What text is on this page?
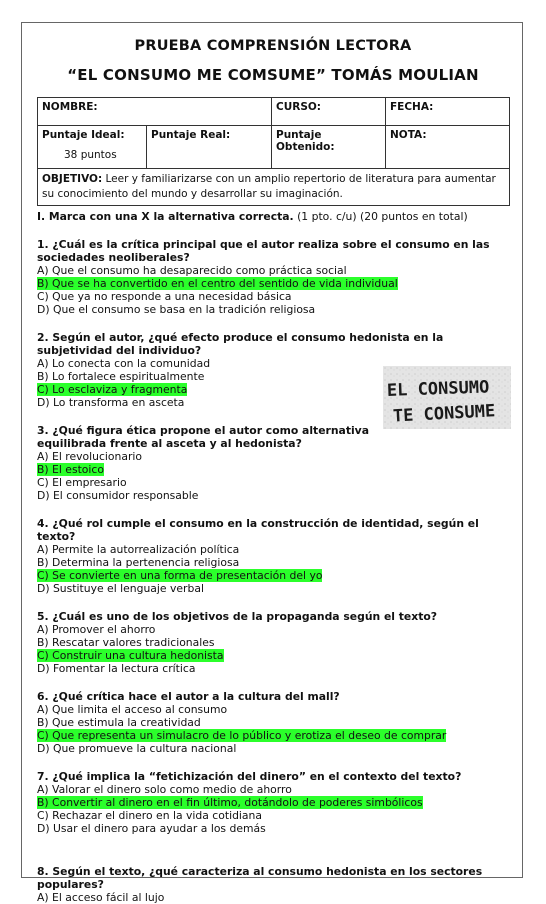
PRUEBA COMPRENSIÓN LECTORA
“EL CONSUMO ME COMSUME” TOMÁS MOULIAN
NOMBRE:		CURSO:	FECHA:
Puntaje Ideal:
38 puntos	Puntaje Real:	Puntaje Obtenido:	NOTA:
OBJETIVO: Leer y familiarizarse con un amplio repertorio de literatura para aumentar su conocimiento del mundo y desarrollar su imaginación.			
I. Marca con una X la alternativa correcta. (1 pto. c/u) (20 puntos en total)
1. ¿Cuál es la crítica principal que el autor realiza sobre el consumo en las sociedades neoliberales?
A) Que el consumo ha desaparecido como práctica social
B) Que se ha convertido en el centro del sentido de vida individual
C) Que ya no responde a una necesidad básica
D) Que el consumo se basa en la tradición religiosa
2. Según el autor, ¿qué efecto produce el consumo hedonista en la subjetividad del individuo?
A) Lo conecta con la comunidad
B) Lo fortalece espiritualmente
C) Lo esclaviza y fragmenta
D) Lo transforma en asceta
3. ¿Qué figura ética propone el autor como alternativa
equilibrada frente al asceta y al hedonista?
A) El revolucionario
B) El estoico
C) El empresario
D) El consumidor responsable
4. ¿Qué rol cumple el consumo en la construcción de identidad, según el texto?
A) Permite la autorrealización política
B) Determina la pertenencia religiosa
C) Se convierte en una forma de presentación del yo
D) Sustituye el lenguaje verbal
5. ¿Cuál es uno de los objetivos de la propaganda según el texto?
A) Promover el ahorro
B) Rescatar valores tradicionales
C) Construir una cultura hedonista
D) Fomentar la lectura crítica
6. ¿Qué crítica hace el autor a la cultura del mall?
A) Que limita el acceso al consumo
B) Que estimula la creatividad
C) Que representa un simulacro de lo público y erotiza el deseo de comprar
D) Que promueve la cultura nacional
7. ¿Qué implica la “fetichización del dinero” en el contexto del texto?
A) Valorar el dinero solo como medio de ahorro
B) Convertir al dinero en el fin último, dotándolo de poderes simbólicos
C) Rechazar el dinero en la vida cotidiana
D) Usar el dinero para ayudar a los demás
8. Según el texto, ¿qué caracteriza al consumo hedonista en los sectores populares?
A) El acceso fácil al lujo
EL CONSUMO
TE CONSUME
